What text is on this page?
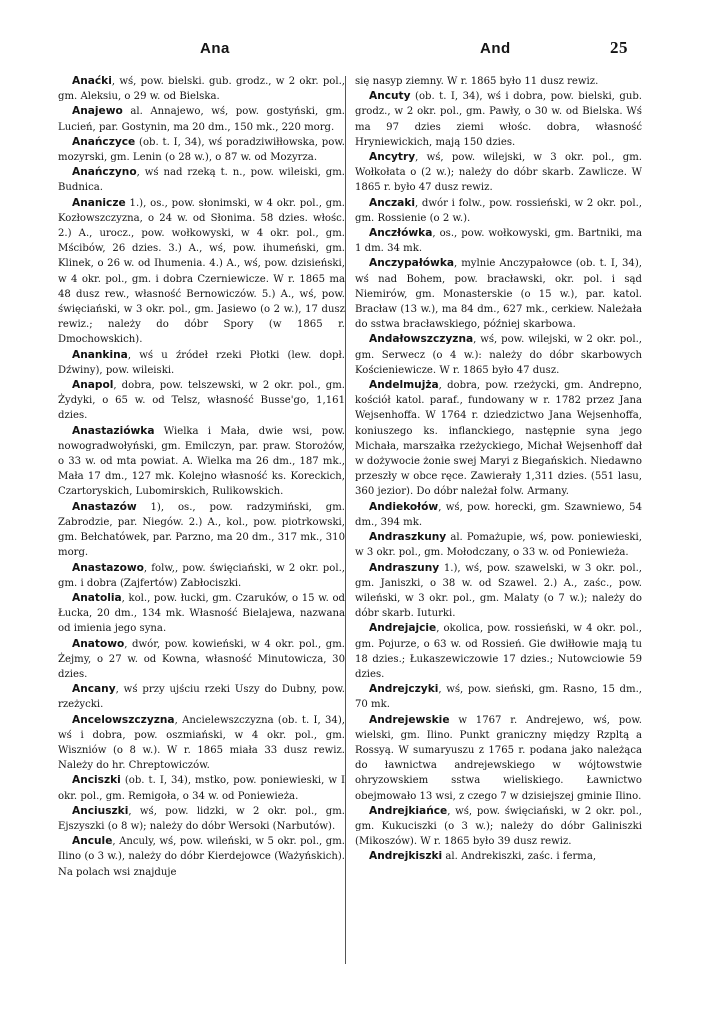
Ana	And	25

Anaćki, wś, pow. bielski. gub. grodz., w 2 okr. pol., gm. Aleksiu, o 29 w. od Bielska.

Anajewo al. Annajewo, wś, pow. gostyński, gm. Lucień, par. Gostynin, ma 20 dm., 150 mk., 220 morg.

Anańczyce (ob. t. I, 34), wś poradziwiłłowska, pow. mozyrski, gm. Lenin (o 28 w.), o 87 w. od Mozyrza.

Anańczyno, wś nad rzeką t. n., pow. wileiski, gm. Budnica.

Ananicze 1.), os., pow. słonimski, w 4 okr. pol., gm. Kozłowszczyzna, o 24 w. od Słonima. 58 dzies. włośc. 2.) A., urocz., pow. wołkowyski, w 4 okr. pol., gm. Mścibów, 26 dzies. 3.) A., wś, pow. ihumeński, gm. Klinek, o 26 w. od Ihumenia. 4.) A., wś, pow. dzisieński, w 4 okr. pol., gm. i dobra Czerniewicze. W r. 1865 ma 48 dusz rew., własność Bernowiczów. 5.) A., wś, pow. święciański, w 3 okr. pol., gm. Jasiewo (o 2 w.), 17 dusz rewiz.; należy do dóbr Spory (w 1865 r. Dmochowskich).

Anankina, wś u źródeł rzeki Płotki (lew. dopł. Dźwiny), pow. wileiski.

Anapol, dobra, pow. telszewski, w 2 okr. pol., gm. Żydyki, o 65 w. od Telsz, własność Busse'go, 1,161 dzies.

Anastaziówka Wielka i Mała, dwie wsi, pow. nowogradwołyński, gm. Emilczyn, par. praw. Storożów, o 33 w. od mta powiat. A. Wielka ma 26 dm., 187 mk., Mała 17 dm., 127 mk. Kolejno własność ks. Koreckich, Czartoryskich, Lubomirskich, Rulikowskich.

Anastazów 1), os., pow. radzymiński, gm. Zabrodzie, par. Niegów. 2.) A., kol., pow. piotrkowski, gm. Bełchatówek, par. Parzno, ma 20 dm., 317 mk., 310 morg.

Anastazowo, folw,, pow. święciański, w 2 okr. pol., gm. i dobra (Zajfertów) Zabłociszki.

Anatolia, kol., pow. łucki, gm. Czaruków, o 15 w. od Łucka, 20 dm., 134 mk. Własność Bielajewa, nazwana od imienia jego syna.

Anatowo, dwór, pow. kowieński, w 4 okr. pol., gm. Żejmy, o 27 w. od Kowna, własność Minutowicza, 30 dzies.

Ancany, wś przy ujściu rzeki Uszy do Dubny, pow. rzeżycki.

Ancelowszczyzna, Ancielewszczyzna (ob. t. I, 34), wś i dobra, pow. oszmiański, w 4 okr. pol., gm. Wiszniów (o 8 w.). W r. 1865 miała 33 dusz rewiz. Należy do hr. Chreptowiczów.

Anciszki (ob. t. I, 34), mstko, pow. poniewieski, w I okr. pol., gm. Remigoła, o 34 w. od Poniewieża.

Anciuszki, wś, pow. lidzki, w 2 okr. pol., gm. Ejszyszki (o 8 w); należy do dóbr Wersoki (Narbutów).

Ancule, Anculy, wś, pow. wileński, w 5 okr. pol., gm. Ilino (o 3 w.), należy do dóbr Kierdejowce (Ważyńskich). Na polach wsi znajduje

się nasyp ziemny. W r. 1865 było 11 dusz rewiz.

Ancuty (ob. t. I, 34), wś i dobra, pow. bielski, gub. grodz., w 2 okr. pol., gm. Pawły, o 30 w. od Bielska. Wś ma 97 dzies ziemi włośc. dobra, własność Hryniewickich, mają 150 dzies.

Ancytry, wś, pow. wilejski, w 3 okr. pol., gm. Wołkołata o (2 w.); należy do dóbr skarb. Zawlicze. W 1865 r. było 47 dusz rewiz.

Anczaki, dwór i folw., pow. rossieński, w 2 okr. pol., gm. Rossienie (o 2 w.).

Anczłówka, os., pow. wołkowyski, gm. Bartniki, ma 1 dm. 34 mk.

Anczypałówka, mylnie Anczypałowce (ob. t. I, 34), wś nad Bohem, pow. bracławski, okr. pol. i sąd Niemirów, gm. Monasterskie (o 15 w.), par. katol. Bracław (13 w.), ma 84 dm., 627 mk., cerkiew. Należała do sstwa bracławskiego, później skarbowa.

Andałowszczyzna, wś, pow. wilejski, w 2 okr. pol., gm. Serwecz (o 4 w.): należy do dóbr skarbowych Kościeniewicze. W r. 1865 było 47 dusz.

Andelmujża, dobra, pow. rzeżycki, gm. Andrepno, kościół katol. paraf., fundowany w r. 1782 przez Jana Wejsenhoffa. W 1764 r. dziedzictwo Jana Wejsenhoffa, koniuszego ks. inflanckiego, następnie syna jego Michała, marszałka rzeżyckiego, Michał Wejsenhoff dał w dożywocie żonie swej Maryi z Biegańskich. Niedawno przeszły w obce ręce. Zawierały 1,311 dzies. (551 lasu, 360 jezior). Do dóbr należał folw. Armany.

Andiekołów, wś, pow. horecki, gm. Szawniewo, 54 dm., 394 mk.

Andraszkuny al. Pomażupie, wś, pow. poniewieski, w 3 okr. pol., gm. Mołodczany, o 33 w. od Poniewieża.

Andraszuny 1.), wś, pow. szawelski, w 3 okr. pol., gm. Janiszki, o 38 w. od Szawel. 2.) A., zaśc., pow. wileński, w 3 okr. pol., gm. Malaty (o 7 w.); należy do dóbr skarb. Iuturki.

Andrejajcie, okolica, pow. rossieński, w 4 okr. pol., gm. Pojurze, o 63 w. od Rossień. Gie dwiłłowie mają tu 18 dzies.; Łukaszewiczowie 17 dzies.; Nutowciowie 59 dzies.

Andrejczyki, wś, pow. sieński, gm. Rasno, 15 dm., 70 mk.

Andrejewskie w 1767 r. Andrejewo, wś, pow. wielski, gm. Ilino. Punkt graniczny między Rzpltą a Rossyą. W sumaryuszu z 1765 r. podana jako należąca do ławnictwa andrejewskiego w wójtowstwie ohryzowskiem sstwa wieliskiego. Ławnictwo obejmowało 13 wsi, z czego 7 w dzisiejszej gminie Ilino.

Andrejkiańce, wś, pow. święciański, w 2 okr. pol., gm. Kukuciszki (o 3 w.); należy do dóbr Galiniszki (Mikoszów). W r. 1865 było 39 dusz rewiz.

Andrejkiszki al. Andrekiszki, zaśc. i ferma,
